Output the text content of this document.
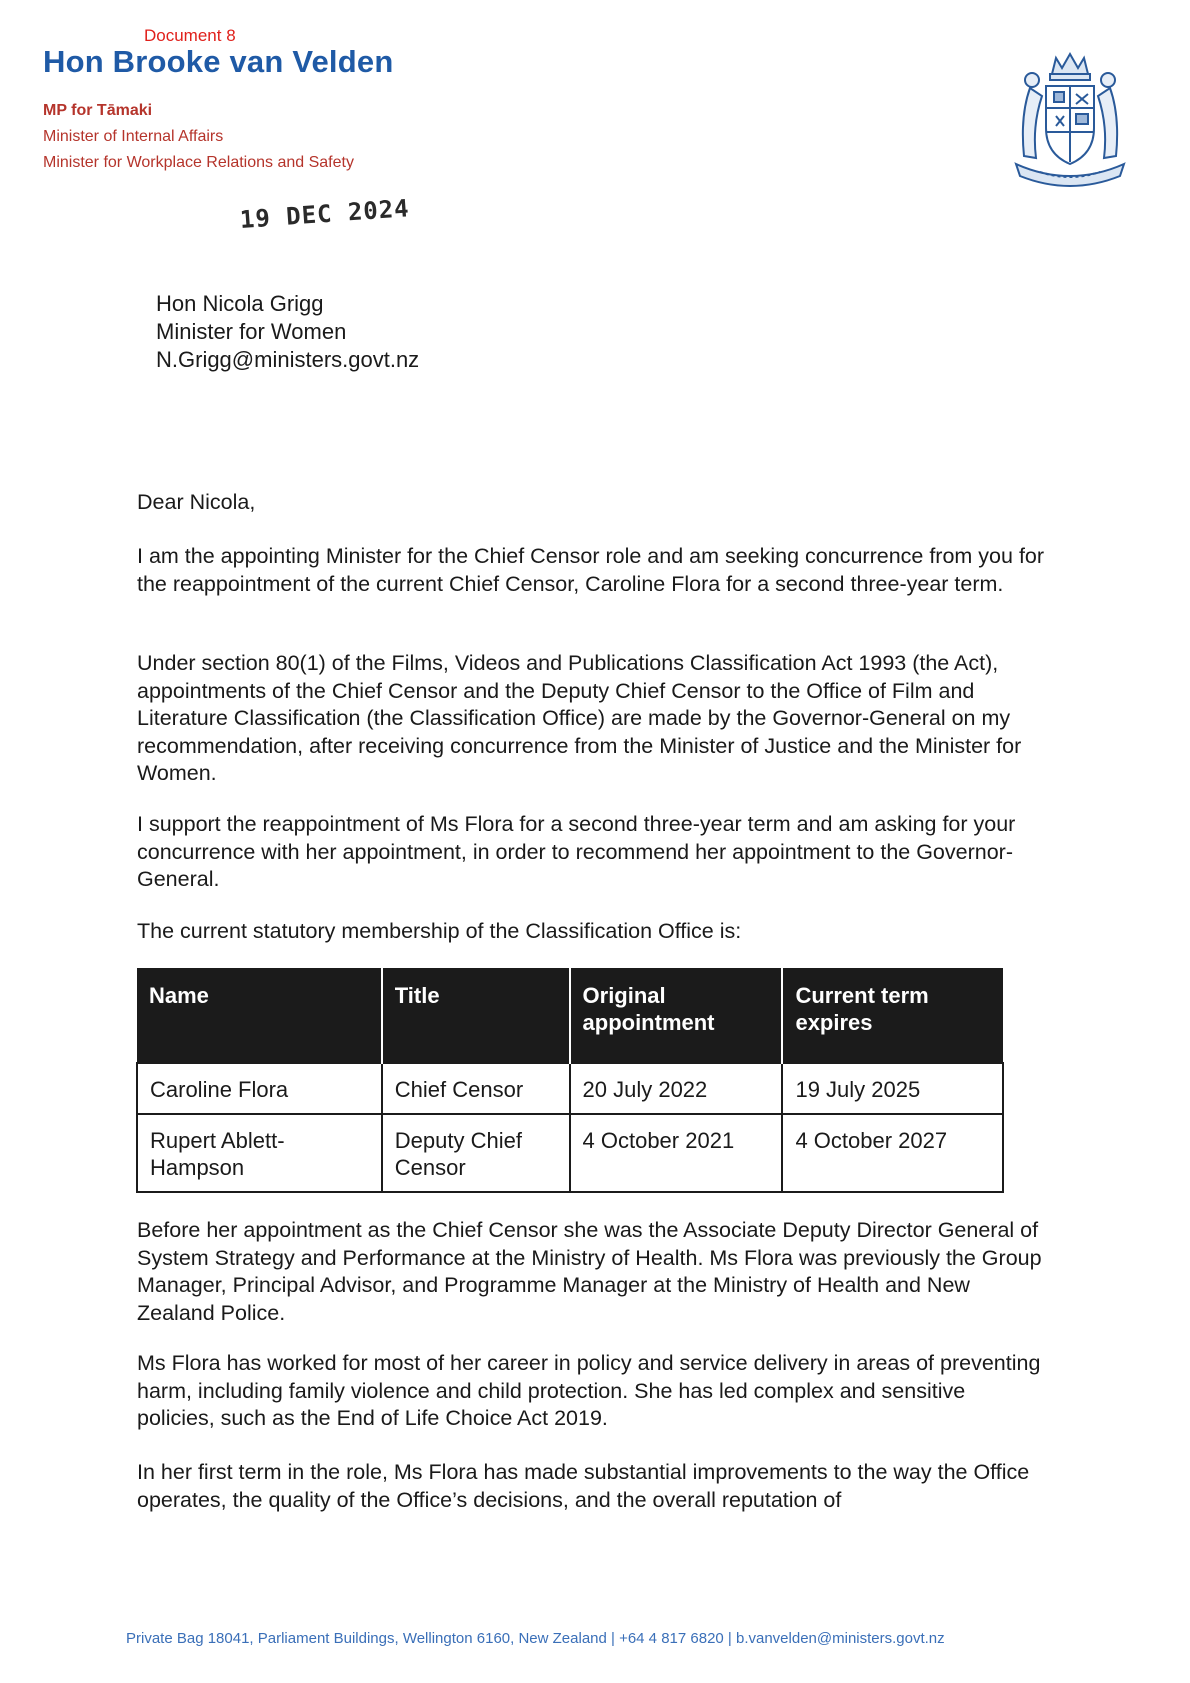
Document 8
Hon Brooke van Velden
MP for Tāmaki
Minister of Internal Affairs
Minister for Workplace Relations and Safety
19 DEC 2024
Hon Nicola Grigg
Minister for Women
N.Grigg@ministers.govt.nz
Dear Nicola,
I am the appointing Minister for the Chief Censor role and am seeking concurrence from you for the reappointment of the current Chief Censor, Caroline Flora for a second three-year term.
Under section 80(1) of the Films, Videos and Publications Classification Act 1993 (the Act), appointments of the Chief Censor and the Deputy Chief Censor to the Office of Film and Literature Classification (the Classification Office) are made by the Governor-General on my recommendation, after receiving concurrence from the Minister of Justice and the Minister for Women.
I support the reappointment of Ms Flora for a second three-year term and am asking for your concurrence with her appointment, in order to recommend her appointment to the Governor-General.
The current statutory membership of the Classification Office is:
Name	Title	Original appointment	Current term expires
Caroline Flora	Chief Censor	20 July 2022	19 July 2025
Rupert Ablett-Hampson	Deputy Chief Censor	4 October 2021	4 October 2027
Before her appointment as the Chief Censor she was the Associate Deputy Director General of System Strategy and Performance at the Ministry of Health. Ms Flora was previously the Group Manager, Principal Advisor, and Programme Manager at the Ministry of Health and New Zealand Police.
Ms Flora has worked for most of her career in policy and service delivery in areas of preventing harm, including family violence and child protection. She has led complex and sensitive policies, such as the End of Life Choice Act 2019.
In her first term in the role, Ms Flora has made substantial improvements to the way the Office operates, the quality of the Office’s decisions, and the overall reputation of
Private Bag 18041, Parliament Buildings, Wellington 6160, New Zealand | +64 4 817 6820 | b.vanvelden@ministers.govt.nz
